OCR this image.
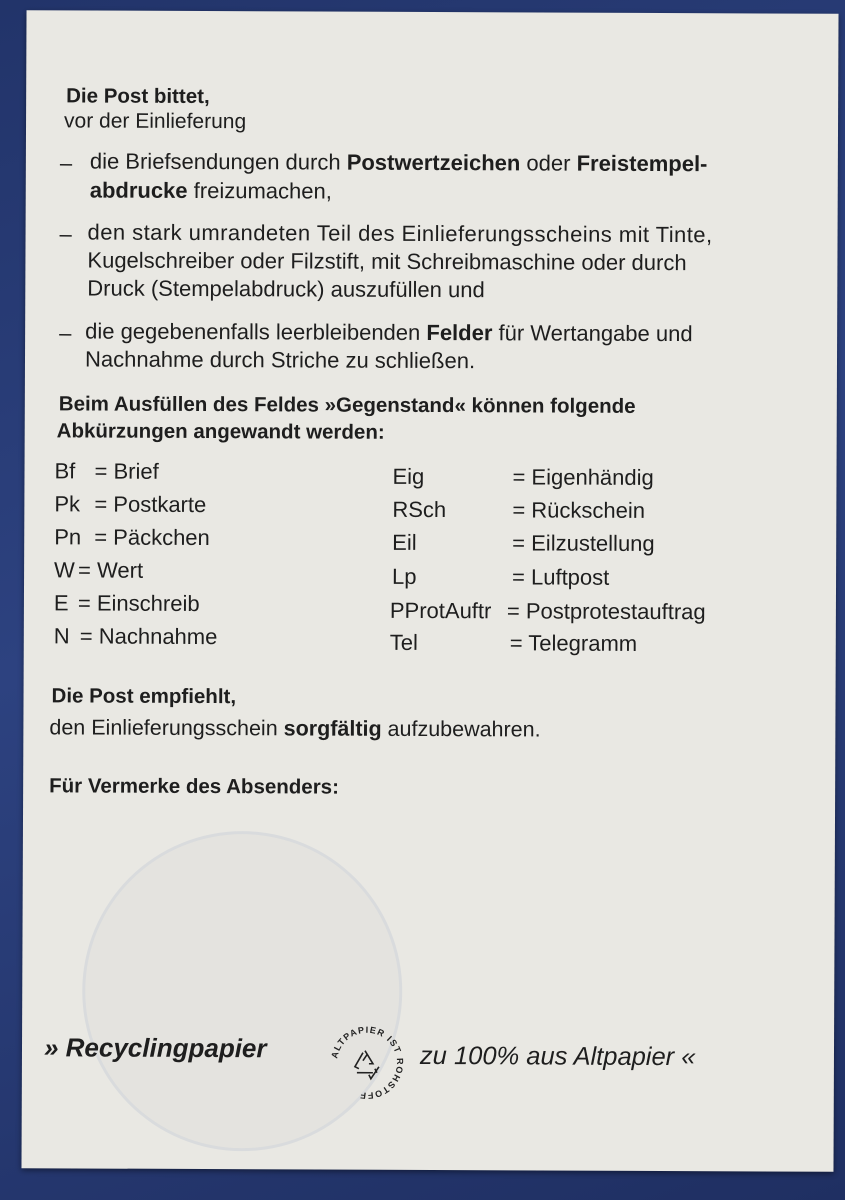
Die Post bittet,
vor der Einlieferung
– die Briefsendungen durch Postwertzeichen oder Freistempel-
abdrucke freizumachen,
– den stark umrandeten Teil des Einlieferungsscheins mit Tinte,
Kugelschreiber oder Filzstift, mit Schreibmaschine oder durch
Druck (Stempelabdruck) auszufüllen und
– die gegebenenfalls leerbleibenden Felder für Wertangabe und
Nachnahme durch Striche zu schließen.
Beim Ausfüllen des Feldes »Gegenstand« können folgende
Abkürzungen angewandt werden:
Bf = Brief
Pk = Postkarte
Pn = Päckchen
W = Wert
E = Einschreib
N = Nachnahme
Eig	= Eigenhändig
RSch	= Rückschein
Eil	= Eilzustellung
Lp	= Luftpost
PProtAuftr = Postprotestauftrag
Tel	= Telegramm
Die Post empfiehlt,
den Einlieferungsschein sorgfältig aufzubewahren.
Für Vermerke des Absenders:
» Recyclingpapier	ALTPAPIER IST ROHSTOFF
zu 100% aus Altpapier «
